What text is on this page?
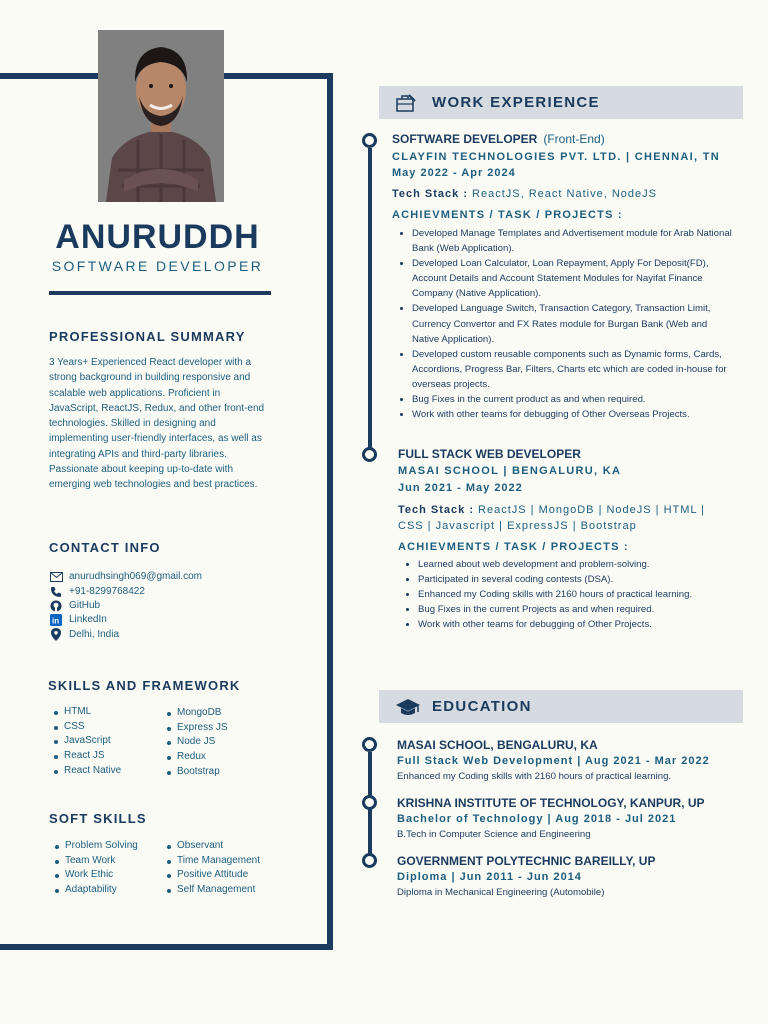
ANURUDDH
SOFTWARE DEVELOPER
PROFESSIONAL SUMMARY
3 Years+ Experienced React developer with a strong background in building responsive and scalable web applications. Proficient in JavaScript, ReactJS, Redux, and other front-end technologies. Skilled in designing and implementing user-friendly interfaces, as well as integrating APIs and third-party libraries. Passionate about keeping up-to-date with emerging web technologies and best practices.
CONTACT INFO
anurudhsingh069@gmail.com
+91-8299768422
GitHub
in LinkedIn
Delhi, India
SKILLS AND FRAMEWORK
HTML
CSS
JavaScript
React JS
React Native
MongoDB
Express JS
Node JS
Redux
Bootstrap
SOFT SKILLS
Problem Solving
Team Work
Work Ethic
Adaptability
Observant
Time Management
Positive Attitude
Self Management
WORK EXPERIENCE
SOFTWARE DEVELOPER (Front-End)
CLAYFIN TECHNOLOGIES PVT. LTD. | CHENNAI, TN
May 2022 - Apr 2024
Tech Stack : ReactJS, React Native, NodeJS
ACHIEVMENTS / TASK / PROJECTS :
Developed Manage Templates and Advertisement module for Arab National Bank (Web Application).
Developed Loan Calculator, Loan Repayment, Apply For Deposit(FD), Account Details and Account Statement Modules for Nayifat Finance Company (Native Application).
Developed Language Switch, Transaction Category, Transaction Limit, Currency Convertor and FX Rates module for Burgan Bank (Web and Native Application).
Developed custom reusable components such as Dynamic forms, Cards, Accordions, Progress Bar, Filters, Charts etc which are coded in-house for overseas projects.
Bug Fixes in the current product as and when required.
Work with other teams for debugging of Other Overseas Projects.
FULL STACK WEB DEVELOPER
MASAI SCHOOL | BENGALURU, KA
Jun 2021 - May 2022
Tech Stack : ReactJS | MongoDB | NodeJS | HTML | CSS | Javascript | ExpressJS | Bootstrap
ACHIEVMENTS / TASK / PROJECTS :
Learned about web development and problem-solving.
Participated in several coding contests (DSA).
Enhanced my Coding skills with 2160 hours of practical learning.
Bug Fixes in the current Projects as and when required.
Work with other teams for debugging of Other Projects.
EDUCATION
MASAI SCHOOL, BENGALURU, KA
Full Stack Web Development | Aug 2021 - Mar 2022
Enhanced my Coding skills with 2160 hours of practical learning.
KRISHNA INSTITUTE OF TECHNOLOGY, KANPUR, UP
Bachelor of Technology | Aug 2018 - Jul 2021
B.Tech in Computer Science and Engineering
GOVERNMENT POLYTECHNIC BAREILLY, UP
Diploma | Jun 2011 - Jun 2014
Diploma in Mechanical Engineering (Automobile)
